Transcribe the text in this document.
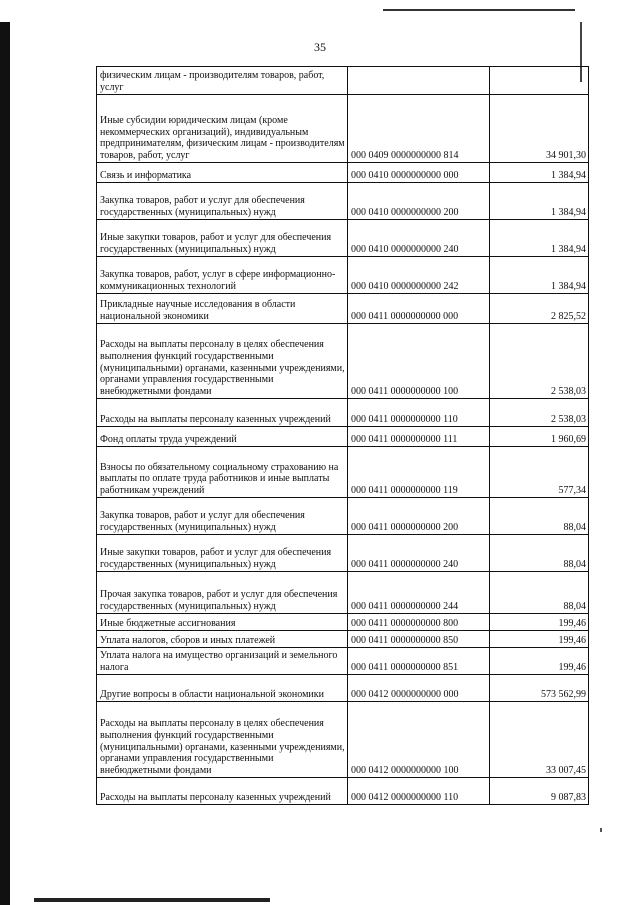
35
физическим лицам - производителям товаров, работ, услуг		
Иные субсидии юридическим лицам (кроме некоммерческих организаций), индивидуальным предпринимателям, физическим лицам - производителям товаров, работ, услуг	000 0409 0000000000 814	34 901,30
Связь и информатика	000 0410 0000000000 000	1 384,94
Закупка товаров, работ и услуг для обеспечения государственных (муниципальных) нужд	000 0410 0000000000 200	1 384,94
Иные закупки товаров, работ и услуг для обеспечения государственных (муниципальных) нужд	000 0410 0000000000 240	1 384,94
Закупка товаров, работ, услуг в сфере информационно-коммуникационных технологий	000 0410 0000000000 242	1 384,94
Прикладные научные исследования в области национальной экономики	000 0411 0000000000 000	2 825,52
Расходы на выплаты персоналу в целях обеспечения выполнения функций государственными (муниципальными) органами, казенными учреждениями, органами управления государственными внебюджетными фондами	000 0411 0000000000 100	2 538,03
Расходы на выплаты персоналу казенных учреждений	000 0411 0000000000 110	2 538,03
Фонд оплаты труда учреждений	000 0411 0000000000 111	1 960,69
Взносы по обязательному социальному страхованию на выплаты по оплате труда работников и иные выплаты работникам учреждений	000 0411 0000000000 119	577,34
Закупка товаров, работ и услуг для обеспечения государственных (муниципальных) нужд	000 0411 0000000000 200	88,04
Иные закупки товаров, работ и услуг для обеспечения государственных (муниципальных) нужд	000 0411 0000000000 240	88,04
Прочая закупка товаров, работ и услуг для обеспечения государственных (муниципальных) нужд	000 0411 0000000000 244	88,04
Иные бюджетные ассигнования	000 0411 0000000000 800	199,46
Уплата налогов, сборов и иных платежей	000 0411 0000000000 850	199,46
Уплата налога на имущество организаций и земельного налога	000 0411 0000000000 851	199,46
Другие вопросы в области национальной экономики	000 0412 0000000000 000	573 562,99
Расходы на выплаты персоналу в целях обеспечения выполнения функций государственными (муниципальными) органами, казенными учреждениями, органами управления государственными внебюджетными фондами	000 0412 0000000000 100	33 007,45
Расходы на выплаты персоналу казенных учреждений	000 0412 0000000000 110	9 087,83
